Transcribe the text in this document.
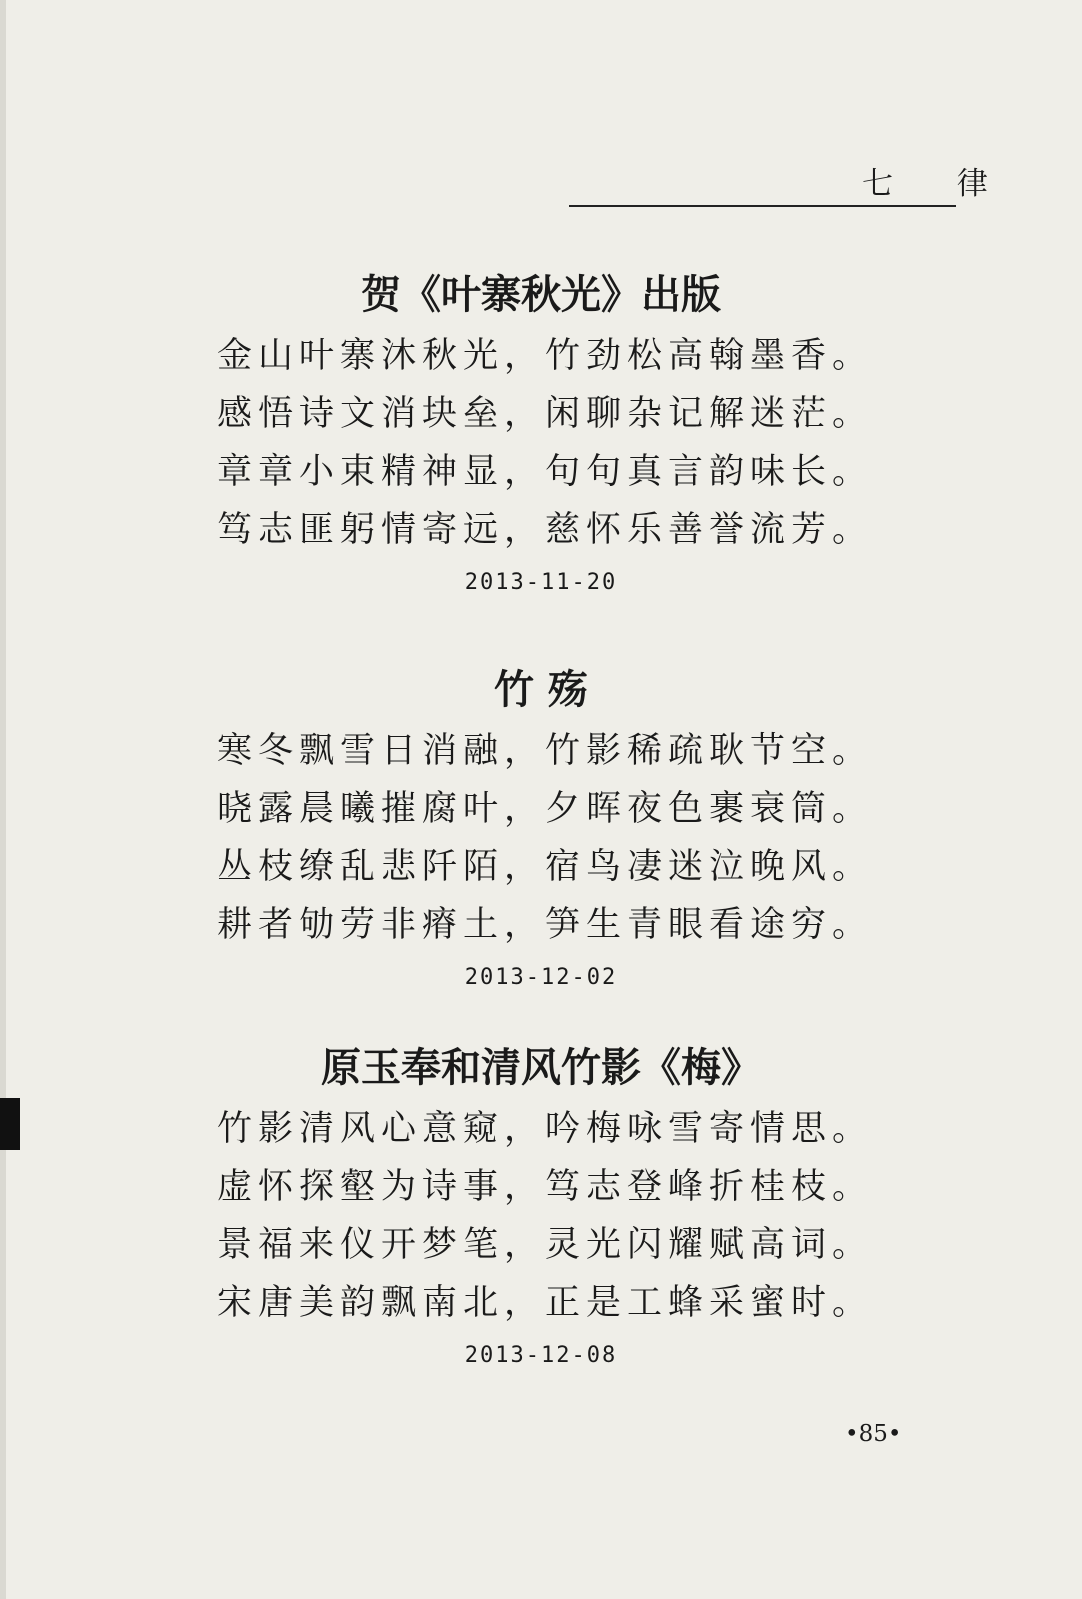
七 律
贺《叶寨秋光》出版
金山叶寨沐秋光，竹劲松高翰墨香。
感悟诗文消块垒，闲聊杂记解迷茫。
章章小束精神显，句句真言韵味长。
笃志匪躬情寄远，慈怀乐善誉流芳。
2013-11-20
竹 殇
寒冬飘雪日消融，竹影稀疏耿节空。
晓露晨曦摧腐叶，夕晖夜色裹衰筒。
丛枝缭乱悲阡陌，宿鸟凄迷泣晚风。
耕者劬劳非瘠土，笋生青眼看途穷。
2013-12-02
原玉奉和清风竹影《梅》
竹影清风心意窥，吟梅咏雪寄情思。
虚怀探壑为诗事，笃志登峰折桂枝。
景福来仪开梦笔，灵光闪耀赋高词。
宋唐美韵飘南北，正是工蜂采蜜时。
2013-12-08
•85•
